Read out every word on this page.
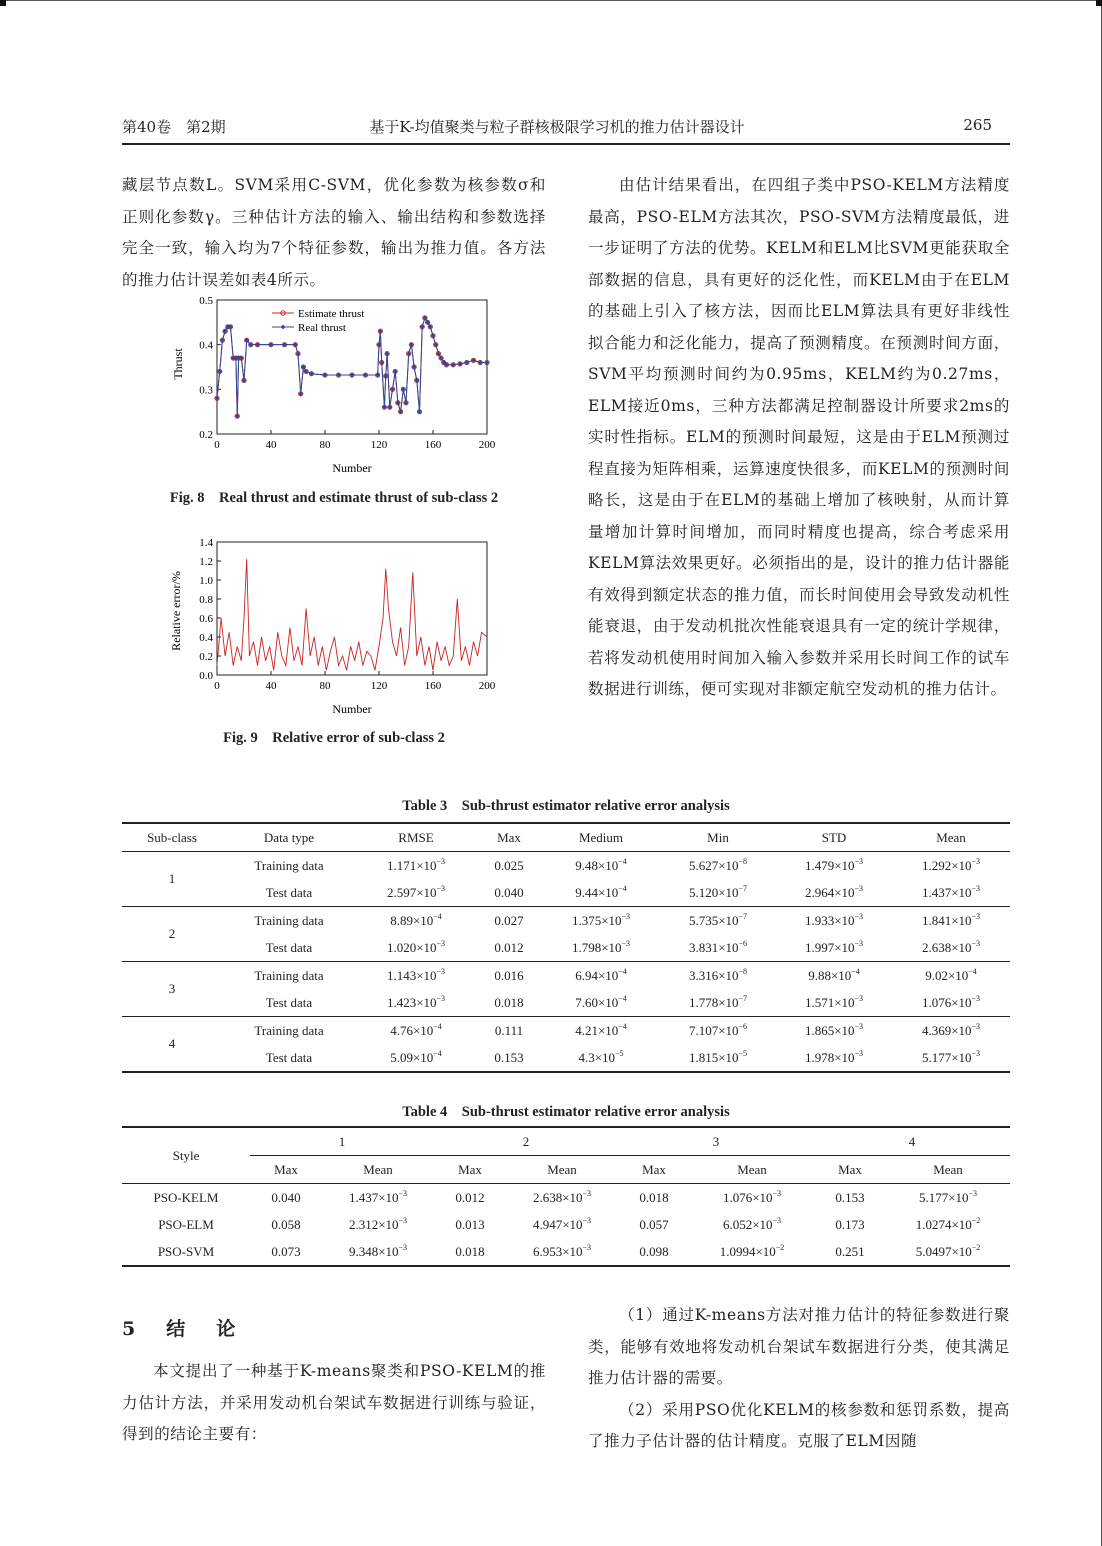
第40卷　第2期	基于K-均值聚类与粒子群核极限学习机的推力估计器设计	265
藏层节点数L。SVM采用C-SVM，优化参数为核参数σ和正则化参数γ。三种估计方法的输入、输出结构和参数选择完全一致，输入均为7个特征参数，输出为推力值。各方法的推力估计误差如表4所示。
由估计结果看出，在四组子类中PSO-KELM方法精度最高，PSO-ELM方法其次，PSO-SVM方法精度最低，进一步证明了方法的优势。KELM和ELM比SVM更能获取全部数据的信息，具有更好的泛化性，而KELM由于在ELM的基础上引入了核方法，因而比ELM算法具有更好非线性拟合能力和泛化能力，提高了预测精度。在预测时间方面，SVM平均预测时间约为0.95ms，KELM约为0.27ms，ELM接近0ms，三种方法都满足控制器设计所要求2ms的实时性指标。ELM的预测时间最短，这是由于ELM预测过程直接为矩阵相乘，运算速度快很多，而KELM的预测时间略长，这是由于在ELM的基础上增加了核映射，从而计算量增加计算时间增加，而同时精度也提高，综合考虑采用KELM算法效果更好。必须指出的是，设计的推力估计器能有效得到额定状态的推力值，而长时间使用会导致发动机性能衰退，由于发动机批次性能衰退具有一定的统计学规律，若将发动机使用时间加入输入参数并采用长时间工作的试车数据进行训练，便可实现对非额定航空发动机的推力估计。
Thrust
0	40	80	120	160	200
0.5
0.4
0.3
0.2
Estimate thrust
Real thrust
Number
Fig. 8　Real thrust and estimate thrust of sub-class 2
Relative error/%
0	40	80	120	160	200
1.4
1.2
1.0
0.8
0.6
0.4
0.2
0.0
Number
Fig. 9　Relative error of sub-class 2
Table 3　Sub-thrust estimator relative error analysis
Sub-class	Data type	RMSE	Max	Medium	Min	STD	Mean
1	Training data	$1.171\times 10^{-3}$	0.025	$9.48\times 10^{-4}$	$5.627\times 10^{-8}$	$1.479\times 10^{-3}$	$1.292\times 10^{-3}$
	Test data	$2.597\times 10^{-3}$	0.040	$9.44\times 10^{-4}$	$5.120\times 10^{-7}$	$2.964\times 10^{-3}$	$1.437\times 10^{-3}$
2	Training data	$8.89\times 10^{-4}$	0.027	$1.375\times 10^{-3}$	$5.735\times 10^{-7}$	$1.933\times 10^{-3}$	$1.841\times 10^{-3}$
	Test data	$1.020\times 10^{-3}$	0.012	$1.798\times 10^{-3}$	$3.831\times 10^{-6}$	$1.997\times 10^{-3}$	$2.638\times 10^{-3}$
3	Training data	$1.143\times 10^{-3}$	0.016	$6.94\times 10^{-4}$	$3.316\times 10^{-8}$	$9.88\times 10^{-4}$	$9.02\times 10^{-4}$
	Test data	$1.423\times 10^{-3}$	0.018	$7.60\times 10^{-4}$	$1.778\times 10^{-7}$	$1.571\times 10^{-3}$	$1.076\times 10^{-3}$
4	Training data	$4.76\times 10^{-4}$	0.111	$4.21\times 10^{-4}$	$7.107\times 10^{-6}$	$1.865\times 10^{-3}$	$4.369\times 10^{-3}$
	Test data	$5.09\times 10^{-4}$	0.153	$4.3\times 10^{-5}$	$1.815\times 10^{-5}$	$1.978\times 10^{-3}$	$5.177\times 10^{-3}$
Table 4　Sub-thrust estimator relative error analysis
Style	1		2		3		4	
	Max	Mean	Max	Mean	Max	Mean	Max	Mean
PSO-KELM	0.040	$1.437\times 10^{-3}$	0.012	$2.638\times 10^{-3}$	0.018	$1.076\times 10^{-3}$	0.153	$5.177\times 10^{-3}$
PSO-ELM	0.058	$2.312\times 10^{-3}$	0.013	$4.947\times 10^{-3}$	0.057	$6.052\times 10^{-3}$	0.173	$1.0274\times 10^{-2}$
PSO-SVM	0.073	$9.348\times 10^{-3}$	0.018	$6.953\times 10^{-3}$	0.098	$1.0994\times 10^{-2}$	0.251	$5.0497\times 10^{-2}$
5　结　论
本文提出了一种基于K-means聚类和PSO-KELM的推力估计方法，并采用发动机台架试车数据进行训练与验证，得到的结论主要有：
（1）通过K-means方法对推力估计的特征参数进行聚类，能够有效地将发动机台架试车数据进行分类，使其满足推力估计器的需要。
（2）采用PSO优化KELM的核参数和惩罚系数，提高了推力子估计器的估计精度。克服了ELM因随
